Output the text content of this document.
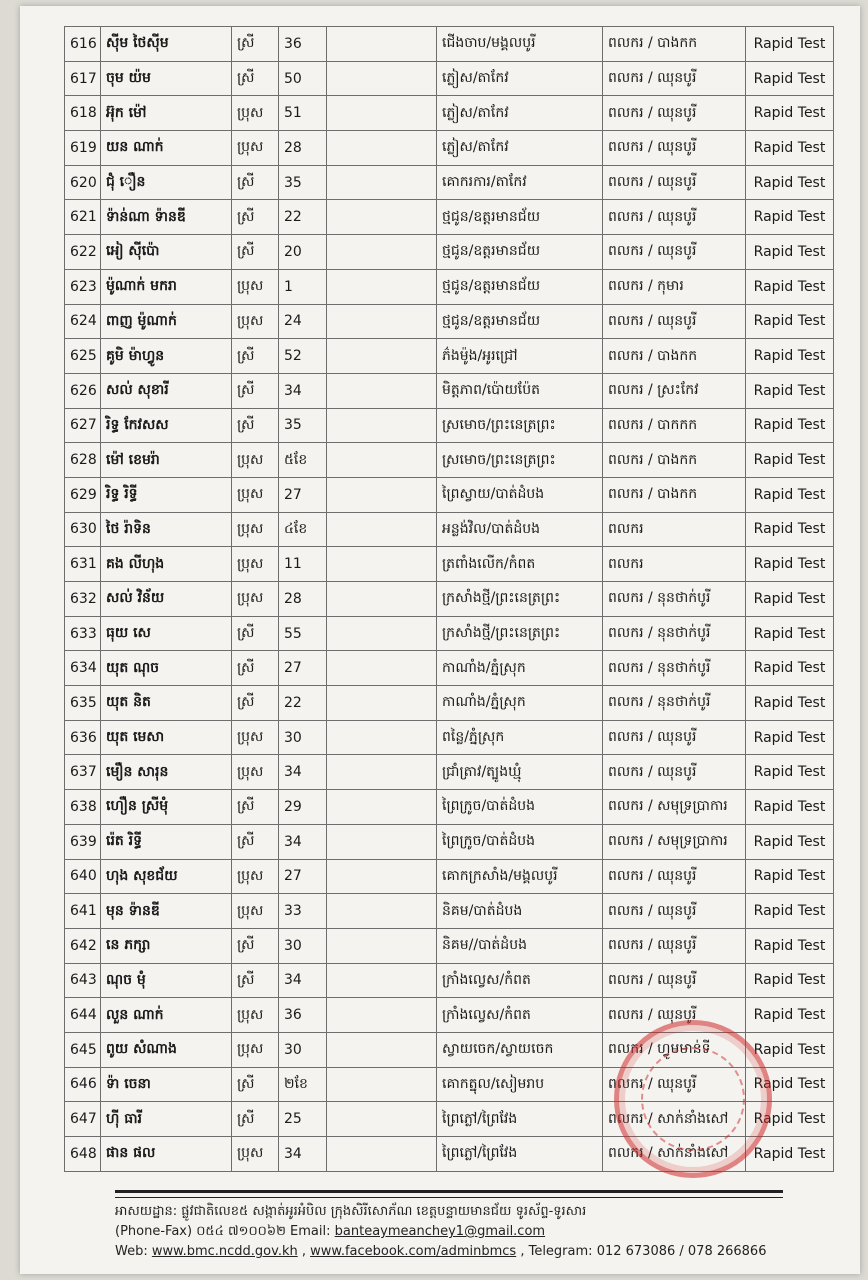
616	ស៊ីម ថៃស៊ីម	ស្រី	36		ជើងចាប/មង្គលបូរី	ពលករ / បាងកក	Rapid Test
617	ចុម យ៉ម	ស្រី	50		ភ្លៀស/តាកែវ	ពលករ / ឈុនបូរី	Rapid Test
618	អ៊ុក ម៉ៅ	ប្រុស	51		ភ្លៀស/តាកែវ	ពលករ / ឈុនបូរី	Rapid Test
619	យន ណាក់	ប្រុស	28		ភ្លៀស/តាកែវ	ពលករ / ឈុនបូរី	Rapid Test
620	ជុំ ឿន	ស្រី	35		គោករការ/តាកែវ	ពលករ / ឈុនបូរី	Rapid Test
621	ទ៉ាន់ណា ទ៉ានឌី	ស្រី	22		ថ្មជូន/ឧត្តរមានជ័យ	ពលករ / ឈុនបូរី	Rapid Test
622	អៀ ស៊ីប៉ោ	ស្រី	20		ថ្មជូន/ឧត្តរមានជ័យ	ពលករ / ឈុនបូរី	Rapid Test
623	ម៉ូណាក់ មករា	ប្រុស	1		ថ្មជូន/ឧត្តរមានជ័យ	ពលករ / កុមារ	Rapid Test
624	ពាញ ម៉ូណាក់	ប្រុស	24		ថ្មជូន/ឧត្តរមានជ័យ	ពលករ / ឈុនបូរី	Rapid Test
625	គូមិ ម៉ាហ្វូន	ស្រី	52		ភ៌ងម៉ូង/អូរជ្រៅ	ពលករ / បាងកក	Rapid Test
626	សល់ សុខារី	ស្រី	34		មិត្តភាព/ប៉ោយប៉ែត	ពលករ / ស្រះកែវ	Rapid Test
627	រិទ្ធ កែវសស	ស្រី	35		ស្រមោច/ព្រះនេត្រព្រះ	ពលករ / បាកកក	Rapid Test
628	ម៉ៅ ខេមរ៉ា	ប្រុស	៥ខែ		ស្រមោច/ព្រះនេត្រព្រះ	ពលករ / បាងកក	Rapid Test
629	រិទ្ធ រិទ្ធី	ប្រុស	27		ព្រៃស្វាយ/បាត់ដំបង	ពលករ / បាងកក	Rapid Test
630	ថៃ រ៉ាទិន	ប្រុស	៤ខែ		អន្លង់វិល/បាត់ដំបង	ពលករ	Rapid Test
631	គង លីហុង	ប្រុស	11		ត្រពាំងលើក/កំពត	ពលករ	Rapid Test
632	សល់ វិន័យ	ប្រុស	28		ក្រសាំងថ្មី/ព្រះនេត្រព្រះ	ពលករ / នុនថាក់បូរី	Rapid Test
633	ធុយ សេ	ស្រី	55		ក្រសាំងថ្មី/ព្រះនេត្រព្រះ	ពលករ / នុនថាក់បូរី	Rapid Test
634	យុត ណុច	ស្រី	27		កាណាំង/ភ្នំស្រុក	ពលករ / នុនថាក់បូរី	Rapid Test
635	យុត និត	ស្រី	22		កាណាំង/ភ្នំស្រុក	ពលករ / នុនថាក់បូរី	Rapid Test
636	យុត មេសា	ប្រុស	30		ពន្លៃ/ភ្នំស្រុក	ពលករ / ឈុនបូរី	Rapid Test
637	មឿន សារុន	ប្រុស	34		ជ្រាំត្រាវ/ត្បូងឃ្មុំ	ពលករ / ឈុនបូរី	Rapid Test
638	ហឿន ស្រីមុំ	ស្រី	29		ព្រៃក្រូច/បាត់ដំបង	ពលករ / សមុទ្រប្រាការ	Rapid Test
639	រ៉េត រិទ្ធី	ស្រី	34		ព្រៃក្រូច/បាត់ដំបង	ពលករ / សមុទ្រប្រាការ	Rapid Test
640	ហុង សុខជ័យ	ប្រុស	27		គោកក្រសាំង/មង្គលបូរី	ពលករ / ឈុនបូរី	Rapid Test
641	មុន ទ៉ានឌី	ប្រុស	33		និគម/បាត់ដំបង	ពលករ / ឈុនបូរី	Rapid Test
642	នេ ភក្សា	ស្រី	30		និគម//បាត់ដំបង	ពលករ / ឈុនបូរី	Rapid Test
643	ណុច មុំ	ស្រី	34		ក្រាំងល្វេស/កំពត	ពលករ / ឈុនបូរី	Rapid Test
644	លួន ណាក់	ប្រុស	36		ក្រាំងល្វេស/កំពត	ពលករ / ឈុនបូរី	Rapid Test
645	ពូយ សំណាង	ប្រុស	30		ស្វាយចេក/ស្វាយចេក	ពលករ / ហ្វូមមាន់ទី	Rapid Test
646	ទ៉ា ចេនា	ស្រី	២ខែ		គោកត្នុល/សៀមរាប	ពលករ / ឈុនបូរី	Rapid Test
647	ហ៊ី ធារី	ស្រី	25		ព្រៃភ្លៅ/ព្រៃវែង	ពលករ / សាក់នាំងសៅ	Rapid Test
648	ផាន ផល	ប្រុស	34		ព្រៃភ្លៅ/ព្រៃវែង	ពលករ / សាក់នាំងសៅ	Rapid Test
អាសយដ្ឋាន: ផ្លូវជាតិលេខ៥ សង្កាត់អូរអំបិល ក្រុងសិរីសោភ័ណ ខេត្តបន្ទាយមានជ័យ ទូរស័ព្ទ-ទូរសារ
(Phone-Fax) ០៥៤ ៧១០០៦២ Email: banteaymeanchey1@gmail.com
Web: www.bmc.ncdd.gov.kh , www.facebook.com/adminbmcs , Telegram: 012 673086 / 078 266866
